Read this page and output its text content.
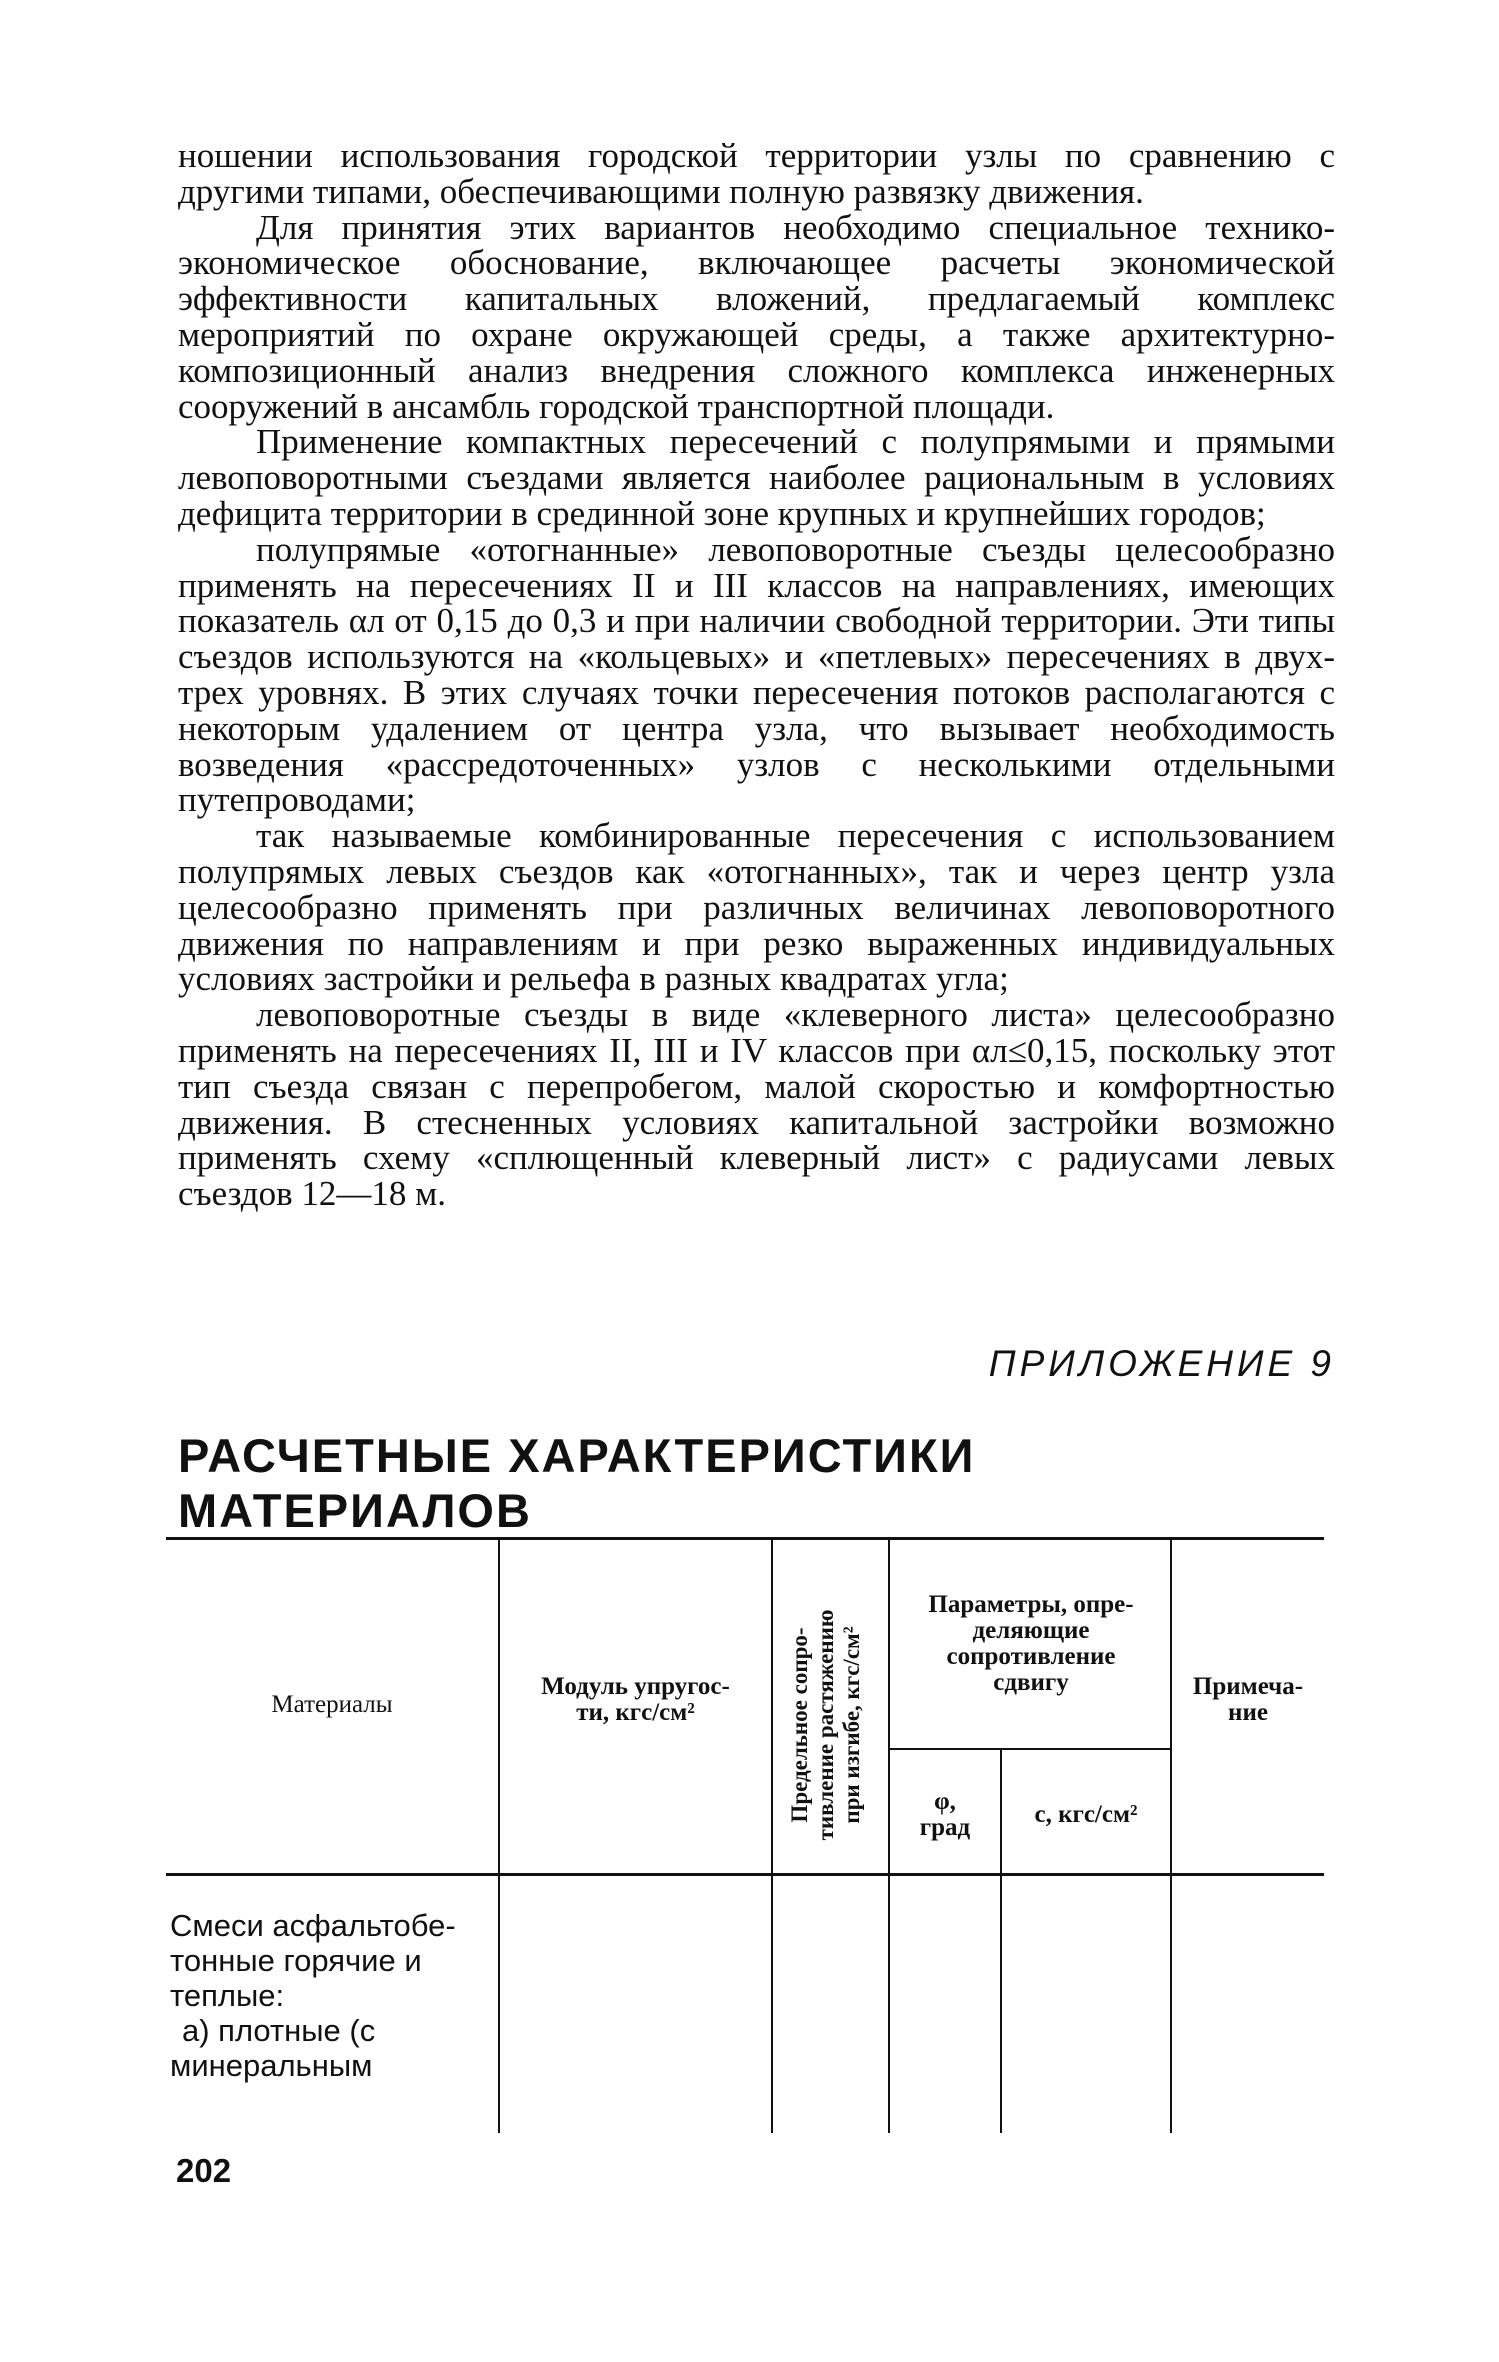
ношении использования городской территории узлы по сравнению с другими типами, обеспечивающими полную развязку движения.

Для принятия этих вариантов необходимо специальное технико-экономическое обоснование, включающее расчеты экономической эффективности капитальных вложений, предлагаемый комплекс мероприятий по охране окружающей среды, а также архитектурно-композиционный анализ внедрения сложного комплекса инженерных сооружений в ансамбль городской транспортной площади.

Применение компактных пересечений с полупрямыми и прямыми левоповоротными съездами является наиболее рациональным в условиях дефицита территории в срединной зоне крупных и крупнейших городов;

полупрямые «отогнанные» левоповоротные съезды целесообразно применять на пересечениях II и III классов на направлениях, имеющих показатель αл от 0,15 до 0,3 и при наличии свободной территории. Эти типы съездов используются на «кольцевых» и «петлевых» пересечениях в двух-трех уровнях. В этих случаях точки пересечения потоков располагаются с некоторым удалением от центра узла, что вызывает необходимость возведения «рассредоточенных» узлов с несколькими отдельными путепроводами;

так называемые комбинированные пересечения с использованием полупрямых левых съездов как «отогнанных», так и через центр узла целесообразно применять при различных величинах левоповоротного движения по направлениям и при резко выраженных индивидуальных условиях застройки и рельефа в разных квадратах угла;

левоповоротные съезды в виде «клеверного листа» целесообразно применять на пересечениях II, III и IV классов при αл≤0,15, поскольку этот тип съезда связан с перепробегом, малой скоростью и комфортностью движения. В стесненных условиях капитальной застройки возможно применять схему «сплющенный клеверный лист» с радиусами левых съездов 12—18 м.

ПРИЛОЖЕНИЕ 9
РАСЧЕТНЫЕ ХАРАКТЕРИСТИКИ МАТЕРИАЛОВ
Материалы
Модуль упругос-
ти, кгс/см²	Предельное сопро- тивление растяжению при изгибе, кгс/см²
Параметры, опре-
деляющие
сопротивление
сдвигу
φ,
град	c, кгс/см²
Примеча-
ние
Смеси асфальтобе-
тонные горячие и
теплые:
а) плотные (с
минеральным
202
